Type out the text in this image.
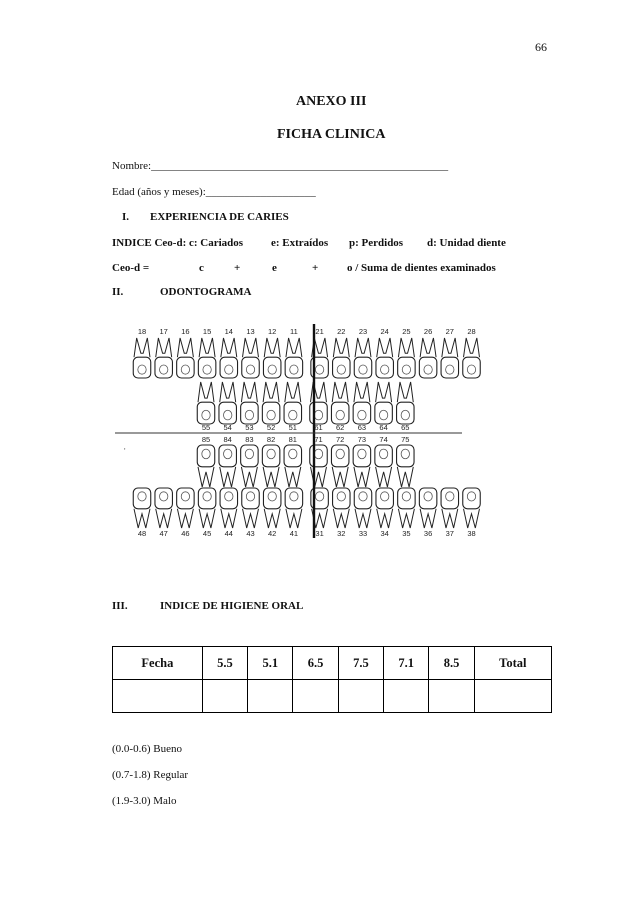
66
ANEXO III
FICHA CLINICA
Nombre:______________________________________________________
Edad (años y meses):____________________
I. EXPERIENCIA DE CARIES
INDICE Ceo-d: c: Cariados	e: Extraídos p: Perdidos d: Unidad diente
Ceo-d =	c	+	e	+	o / Suma de dientes examinados
II.	ODONTOGRAMA
18 17 16 15 14 13 12 11 21 22 23 24 25 26 27 28
55 54 53 52 51 61 62 63 64 65
85 84 83 82 81 71 72 73 74 75
48 47 46 45 44 43 42 41 31 32 33 34 35 36 37 38
'
III.	INDICE DE HIGIENE ORAL
Fecha	5.5	5.1	6.5	7.5	7.1	8.5	Total

(0.0-0.6) Bueno
(0.7-1.8) Regular
(1.9-3.0) Malo
